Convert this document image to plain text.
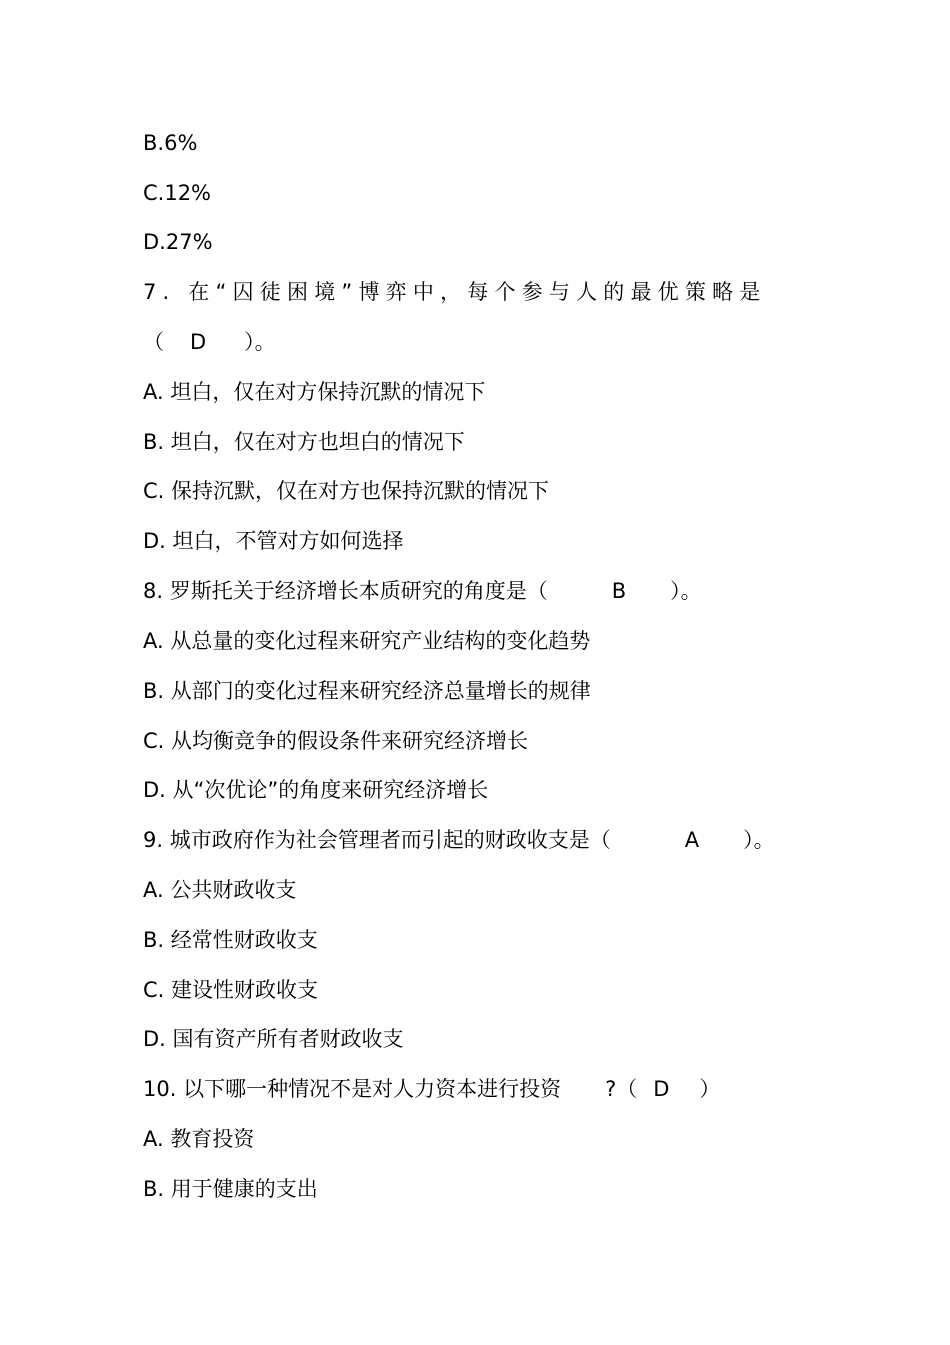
B.6%
C.12%
D.27%
7. 在“囚徒困境”博弈中，每个参与人的最优策略是
（ D ）。
A. 坦白，仅在对方保持沉默的情况下
B. 坦白，仅在对方也坦白的情况下
C. 保持沉默，仅在对方也保持沉默的情况下
D. 坦白，不管对方如何选择
8. 罗斯托关于经济增长本质研究的角度是（	B ）。
A. 从总量的变化过程来研究产业结构的变化趋势
B. 从部门的变化过程来研究经济总量增长的规律
C. 从均衡竞争的假设条件来研究经济增长
D. 从“次优论”的角度来研究经济增长
9. 城市政府作为社会管理者而引起的财政收支是（	A ）。
A. 公共财政收支
B. 经常性财政收支
C. 建设性财政收支
D. 国有资产所有者财政收支
10. 以下哪一种情况不是对人力资本进行投资 ?（ D ）
A. 教育投资
B. 用于健康的支出
